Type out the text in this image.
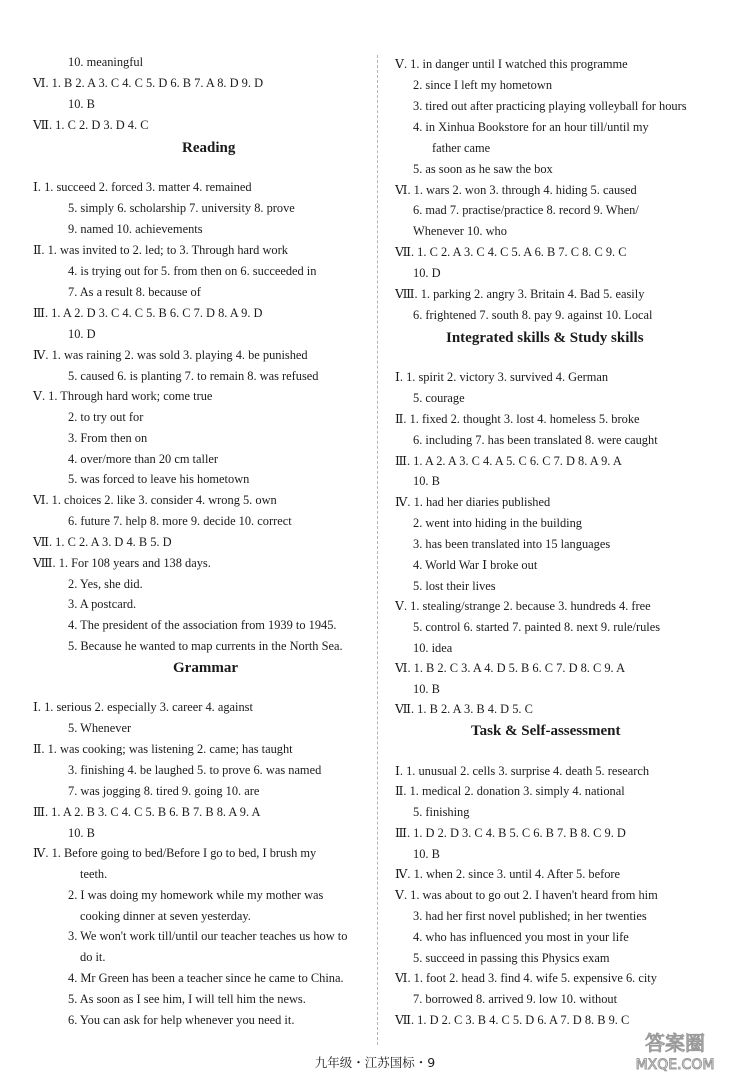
10. meaningful
Ⅵ. 1. B 2. A 3. C 4. C 5. D 6. B 7. A 8. D 9. D
10. B
Ⅶ. 1. C 2. D 3. D 4. C
Ⅰ. 1. succeed 2. forced 3. matter 4. remained
5. simply 6. scholarship 7. university 8. prove
9. named 10. achievements
Ⅱ. 1. was invited to 2. led; to 3. Through hard work
4. is trying out for 5. from then on 6. succeeded in
7. As a result 8. because of
Ⅲ. 1. A 2. D 3. C 4. C 5. B 6. C 7. D 8. A 9. D
10. D
Ⅳ. 1. was raining 2. was sold 3. playing 4. be punished
5. caused 6. is planting 7. to remain 8. was refused
Ⅴ. 1. Through hard work; come true
2. to try out for
3. From then on
4. over/more than 20 cm taller
5. was forced to leave his hometown
Ⅵ. 1. choices 2. like 3. consider 4. wrong 5. own
6. future 7. help 8. more 9. decide 10. correct
Ⅶ. 1. C 2. A 3. D 4. B 5. D
Ⅷ. 1. For 108 years and 138 days.
2. Yes, she did.
3. A postcard.
4. The president of the association from 1939 to 1945.
5. Because he wanted to map currents in the North Sea.
Ⅰ. 1. serious 2. especially 3. career 4. against
5. Whenever
Ⅱ. 1. was cooking; was listening 2. came; has taught
3. finishing 4. be laughed 5. to prove 6. was named
7. was jogging 8. tired 9. going 10. are
Ⅲ. 1. A 2. B 3. C 4. C 5. B 6. B 7. B 8. A 9. A
10. B
Ⅳ. 1. Before going to bed/Before I go to bed, I brush my
teeth.
2. I was doing my homework while my mother was
cooking dinner at seven yesterday.
3. We won't work till/until our teacher teaches us how to
do it.
4. Mr Green has been a teacher since he came to China.
5. As soon as I see him, I will tell him the news.
6. You can ask for help whenever you need it.
Ⅴ. 1. in danger until I watched this programme
2. since I left my hometown
3. tired out after practicing playing volleyball for hours
4. in Xinhua Bookstore for an hour till/until my
father came
5. as soon as he saw the box
Ⅵ. 1. wars 2. won 3. through 4. hiding 5. caused
6. mad 7. practise/practice 8. record 9. When/
Whenever 10. who
Ⅶ. 1. C 2. A 3. C 4. C 5. A 6. B 7. C 8. C 9. C
10. D
Ⅷ. 1. parking 2. angry 3. Britain 4. Bad 5. easily
6. frightened 7. south 8. pay 9. against 10. Local
Ⅰ. 1. spirit 2. victory 3. survived 4. German
5. courage
Ⅱ. 1. fixed 2. thought 3. lost 4. homeless 5. broke
6. including 7. has been translated 8. were caught
Ⅲ. 1. A 2. A 3. C 4. A 5. C 6. C 7. D 8. A 9. A
10. B
Ⅳ. 1. had her diaries published
2. went into hiding in the building
3. has been translated into 15 languages
4. World War Ⅰ broke out
5. lost their lives
Ⅴ. 1. stealing/strange 2. because 3. hundreds 4. free
5. control 6. started 7. painted 8. next 9. rule/rules
10. idea
Ⅵ. 1. B 2. C 3. A 4. D 5. B 6. C 7. D 8. C 9. A
10. B
Ⅶ. 1. B 2. A 3. B 4. D 5. C
Ⅰ. 1. unusual 2. cells 3. surprise 4. death 5. research
Ⅱ. 1. medical 2. donation 3. simply 4. national
5. finishing
Ⅲ. 1. D 2. D 3. C 4. B 5. C 6. B 7. B 8. C 9. D
10. B
Ⅳ. 1. when 2. since 3. until 4. After 5. before
Ⅴ. 1. was about to go out 2. I haven't heard from him
3. had her first novel published; in her twenties
4. who has influenced you most in your life
5. succeed in passing this Physics exam
Ⅵ. 1. foot 2. head 3. find 4. wife 5. expensive 6. city
7. borrowed 8. arrived 9. low 10. without
Ⅶ. 1. D 2. C 3. B 4. C 5. D 6. A 7. D 8. B 9. C
Reading
Grammar
Integrated skills & Study skills
Task & Self-assessment
九年级・江苏国标・9
答案圈
MXQE.COM
